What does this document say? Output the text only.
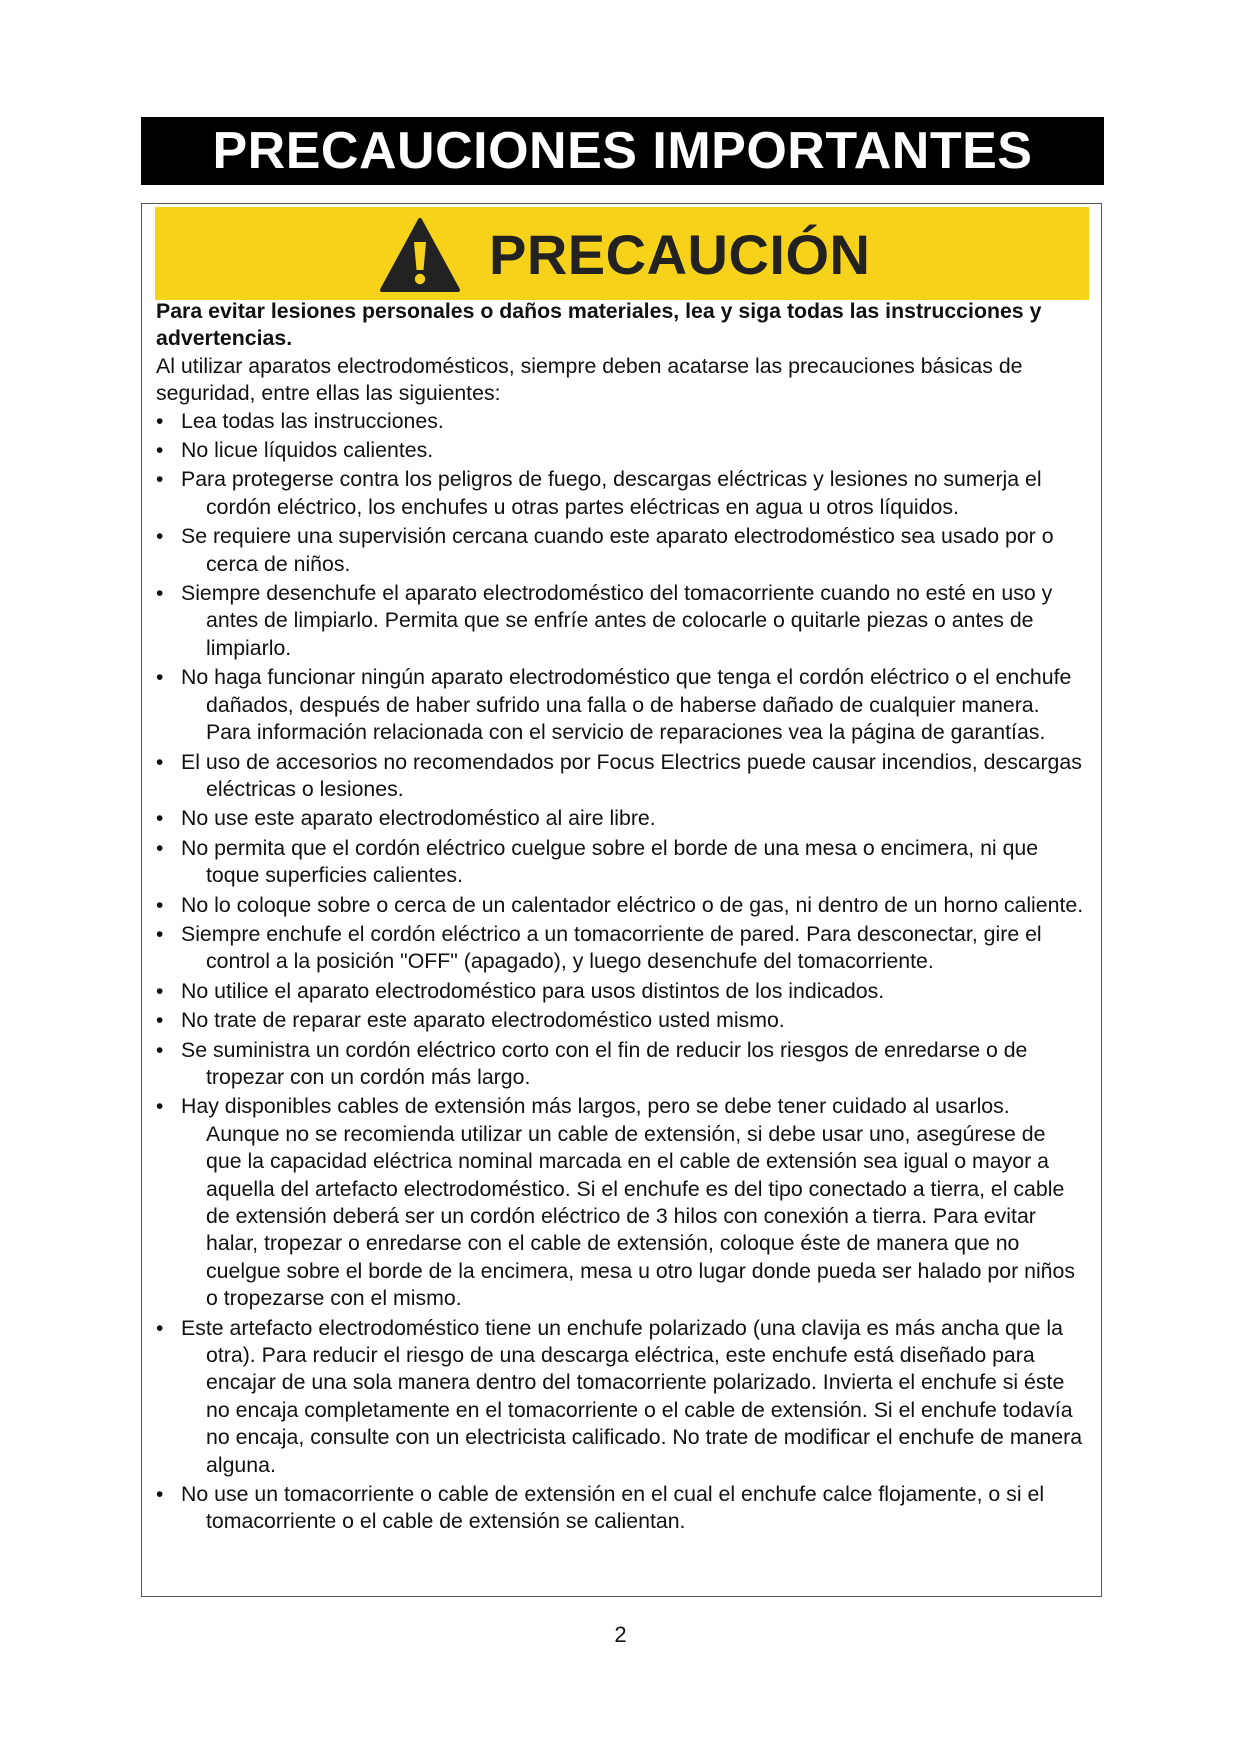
PRECAUCIONES IMPORTANTES
PRECAUCIÓN

Para evitar lesiones personales o daños materiales, lea y siga todas las instrucciones y advertencias.

Al utilizar aparatos electrodomésticos, siempre deben acatarse las precauciones básicas de seguridad, entre ellas las siguientes:

• Lea todas las instrucciones.
• No licue líquidos calientes.
• Para protegerse contra los peligros de fuego, descargas eléctricas y lesiones no sumerja el cordón eléctrico, los enchufes u otras partes eléctricas en agua u otros líquidos.
• Se requiere una supervisión cercana cuando este aparato electrodoméstico sea usado por o cerca de niños.
• Siempre desenchufe el aparato electrodoméstico del tomacorriente cuando no esté en uso y antes de limpiarlo. Permita que se enfríe antes de colocarle o quitarle piezas o antes de limpiarlo.
• No haga funcionar ningún aparato electrodoméstico que tenga el cordón eléctrico o el enchufe dañados, después de haber sufrido una falla o de haberse dañado de cualquier manera. Para información relacionada con el servicio de reparaciones vea la página de garantías.
• El uso de accesorios no recomendados por Focus Electrics puede causar incendios, descargas eléctricas o lesiones.
• No use este aparato electrodoméstico al aire libre.
• No permita que el cordón eléctrico cuelgue sobre el borde de una mesa o encimera, ni que toque superficies calientes.
• No lo coloque sobre o cerca de un calentador eléctrico o de gas, ni dentro de un horno caliente.
• Siempre enchufe el cordón eléctrico a un tomacorriente de pared. Para desconectar, gire el control a la posición "OFF" (apagado), y luego desenchufe del tomacorriente.
• No utilice el aparato electrodoméstico para usos distintos de los indicados.
• No trate de reparar este aparato electrodoméstico usted mismo.
• Se suministra un cordón eléctrico corto con el fin de reducir los riesgos de enredarse o de tropezar con un cordón más largo.
• Hay disponibles cables de extensión más largos, pero se debe tener cuidado al usarlos. Aunque no se recomienda utilizar un cable de extensión, si debe usar uno, asegúrese de que la capacidad eléctrica nominal marcada en el cable de extensión sea igual o mayor a aquella del artefacto electrodoméstico. Si el enchufe es del tipo conectado a tierra, el cable de extensión deberá ser un cordón eléctrico de 3 hilos con conexión a tierra. Para evitar halar, tropezar o enredarse con el cable de extensión, coloque éste de manera que no cuelgue sobre el borde de la encimera, mesa u otro lugar donde pueda ser halado por niños o tropezarse con el mismo.
• Este artefacto electrodoméstico tiene un enchufe polarizado (una clavija es más ancha que la otra). Para reducir el riesgo de una descarga eléctrica, este enchufe está diseñado para encajar de una sola manera dentro del tomacorriente polarizado. Invierta el enchufe si éste no encaja completamente en el tomacorriente o el cable de extensión. Si el enchufe todavía no encaja, consulte con un electricista calificado. No trate de modificar el enchufe de manera alguna.
• No use un tomacorriente o cable de extensión en el cual el enchufe calce flojamente, o si el tomacorriente o el cable de extensión se calientan.
2
